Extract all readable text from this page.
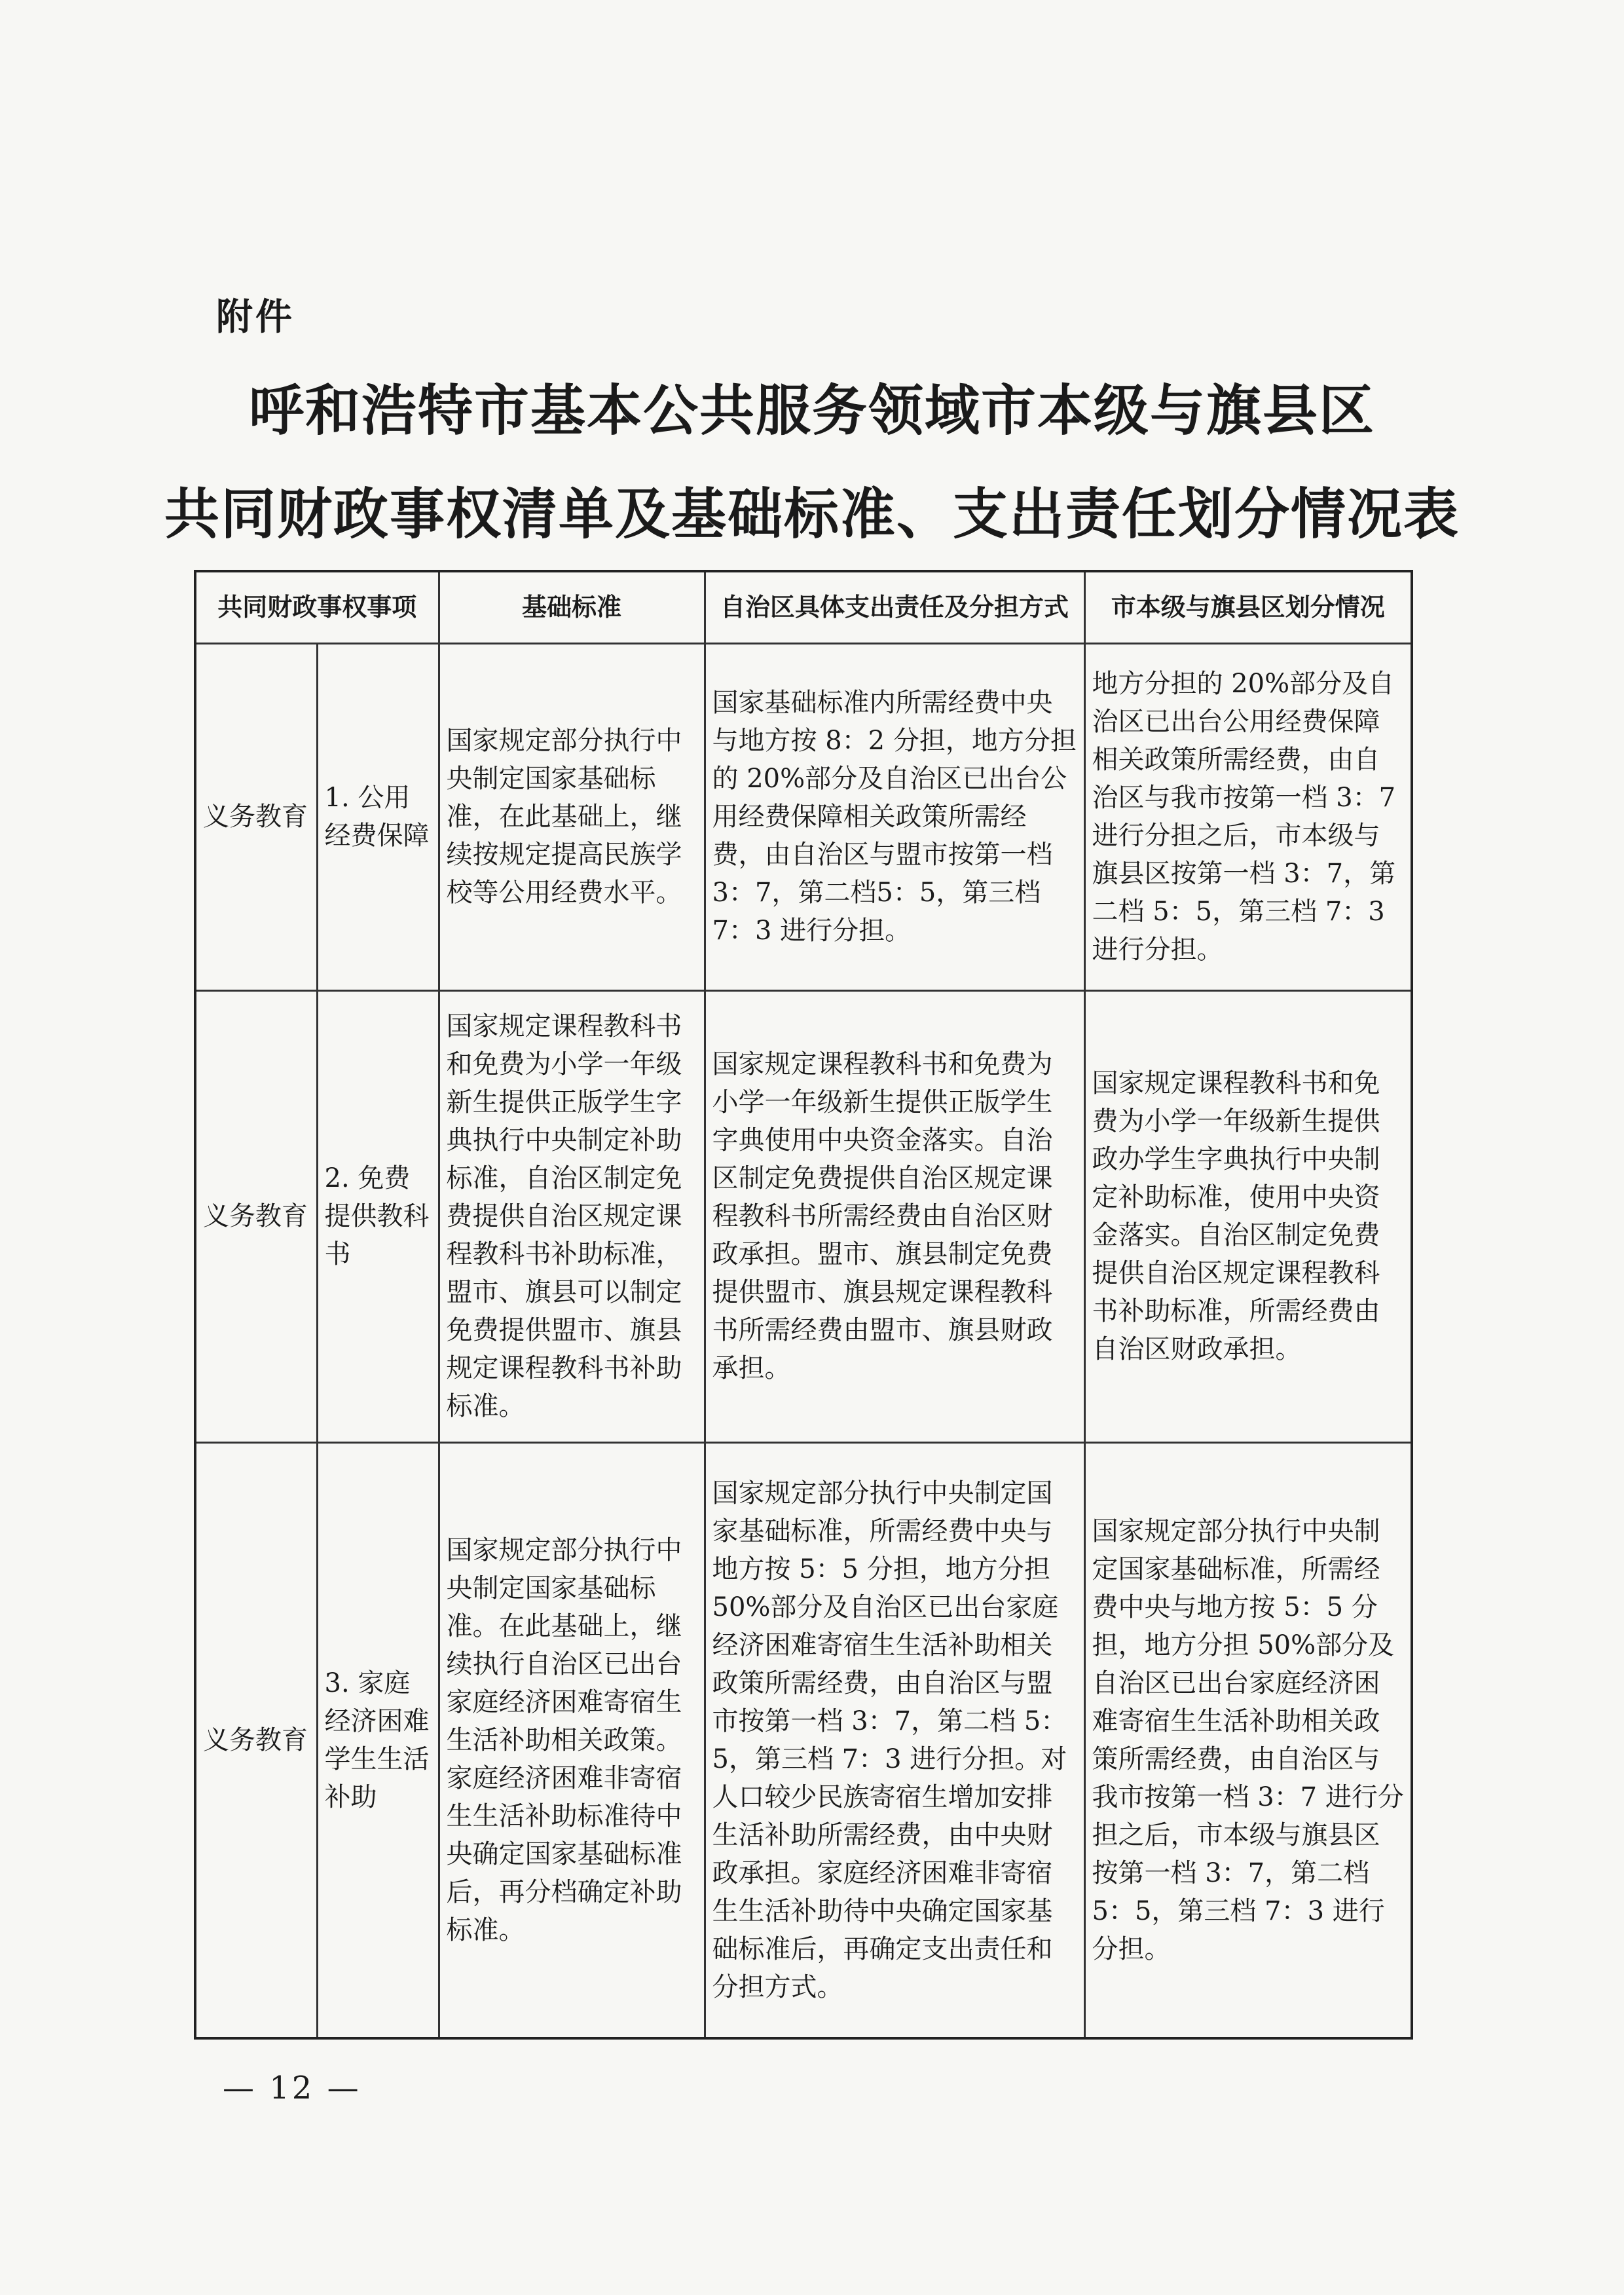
附件
呼和浩特市基本公共服务领域市本级与旗县区
共同财政事权清单及基础标准、支出责任划分情况表
共同财政事权事项		基础标准	自治区具体支出责任及分担方式	市本级与旗县区划分情况
义务教育	1. 公用经费保障	国家规定部分执行中央制定国家基础标准，在此基础上，继续按规定提高民族学校等公用经费水平。	国家基础标准内所需经费中央与地方按 8：2 分担，地方分担的 20%部分及自治区已出台公用经费保障相关政策所需经费，由自治区与盟市按第一档 3：7，第二档5：5，第三档 7：3 进行分担。	地方分担的 20%部分及自治区已出台公用经费保障相关政策所需经费，由自治区与我市按第一档 3：7 进行分担之后，市本级与旗县区按第一档 3：7，第二档 5：5，第三档 7：3 进行分担。
义务教育	2. 免费提供教科书	国家规定课程教科书和免费为小学一年级新生提供正版学生字典执行中央制定补助标准，自治区制定免费提供自治区规定课程教科书补助标准，盟市、旗县可以制定免费提供盟市、旗县规定课程教科书补助标准。	国家规定课程教科书和免费为小学一年级新生提供正版学生字典使用中央资金落实。自治区制定免费提供自治区规定课程教科书所需经费由自治区财政承担。盟市、旗县制定免费提供盟市、旗县规定课程教科书所需经费由盟市、旗县财政承担。	国家规定课程教科书和免费为小学一年级新生提供政办学生字典执行中央制定补助标准，使用中央资金落实。自治区制定免费提供自治区规定课程教科书补助标准，所需经费由自治区财政承担。
义务教育	3. 家庭经济困难学生生活补助	国家规定部分执行中央制定国家基础标准。在此基础上，继续执行自治区已出台家庭经济困难寄宿生生活补助相关政策。家庭经济困难非寄宿生生活补助标准待中央确定国家基础标准后，再分档确定补助标准。	国家规定部分执行中央制定国家基础标准，所需经费中央与地方按 5：5 分担，地方分担 50%部分及自治区已出台家庭经济困难寄宿生生活补助相关政策所需经费，由自治区与盟市按第一档 3：7，第二档 5：5，第三档 7：3 进行分担。对人口较少民族寄宿生增加安排生活补助所需经费，由中央财政承担。家庭经济困难非寄宿生生活补助待中央确定国家基础标准后，再确定支出责任和分担方式。	国家规定部分执行中央制定国家基础标准，所需经费中央与地方按 5：5 分担，地方分担 50%部分及自治区已出台家庭经济困难寄宿生生活补助相关政策所需经费，由自治区与我市按第一档 3：7 进行分担之后，市本级与旗县区按第一档 3：7，第二档 5：5，第三档 7：3 进行分担。
— 12 —
